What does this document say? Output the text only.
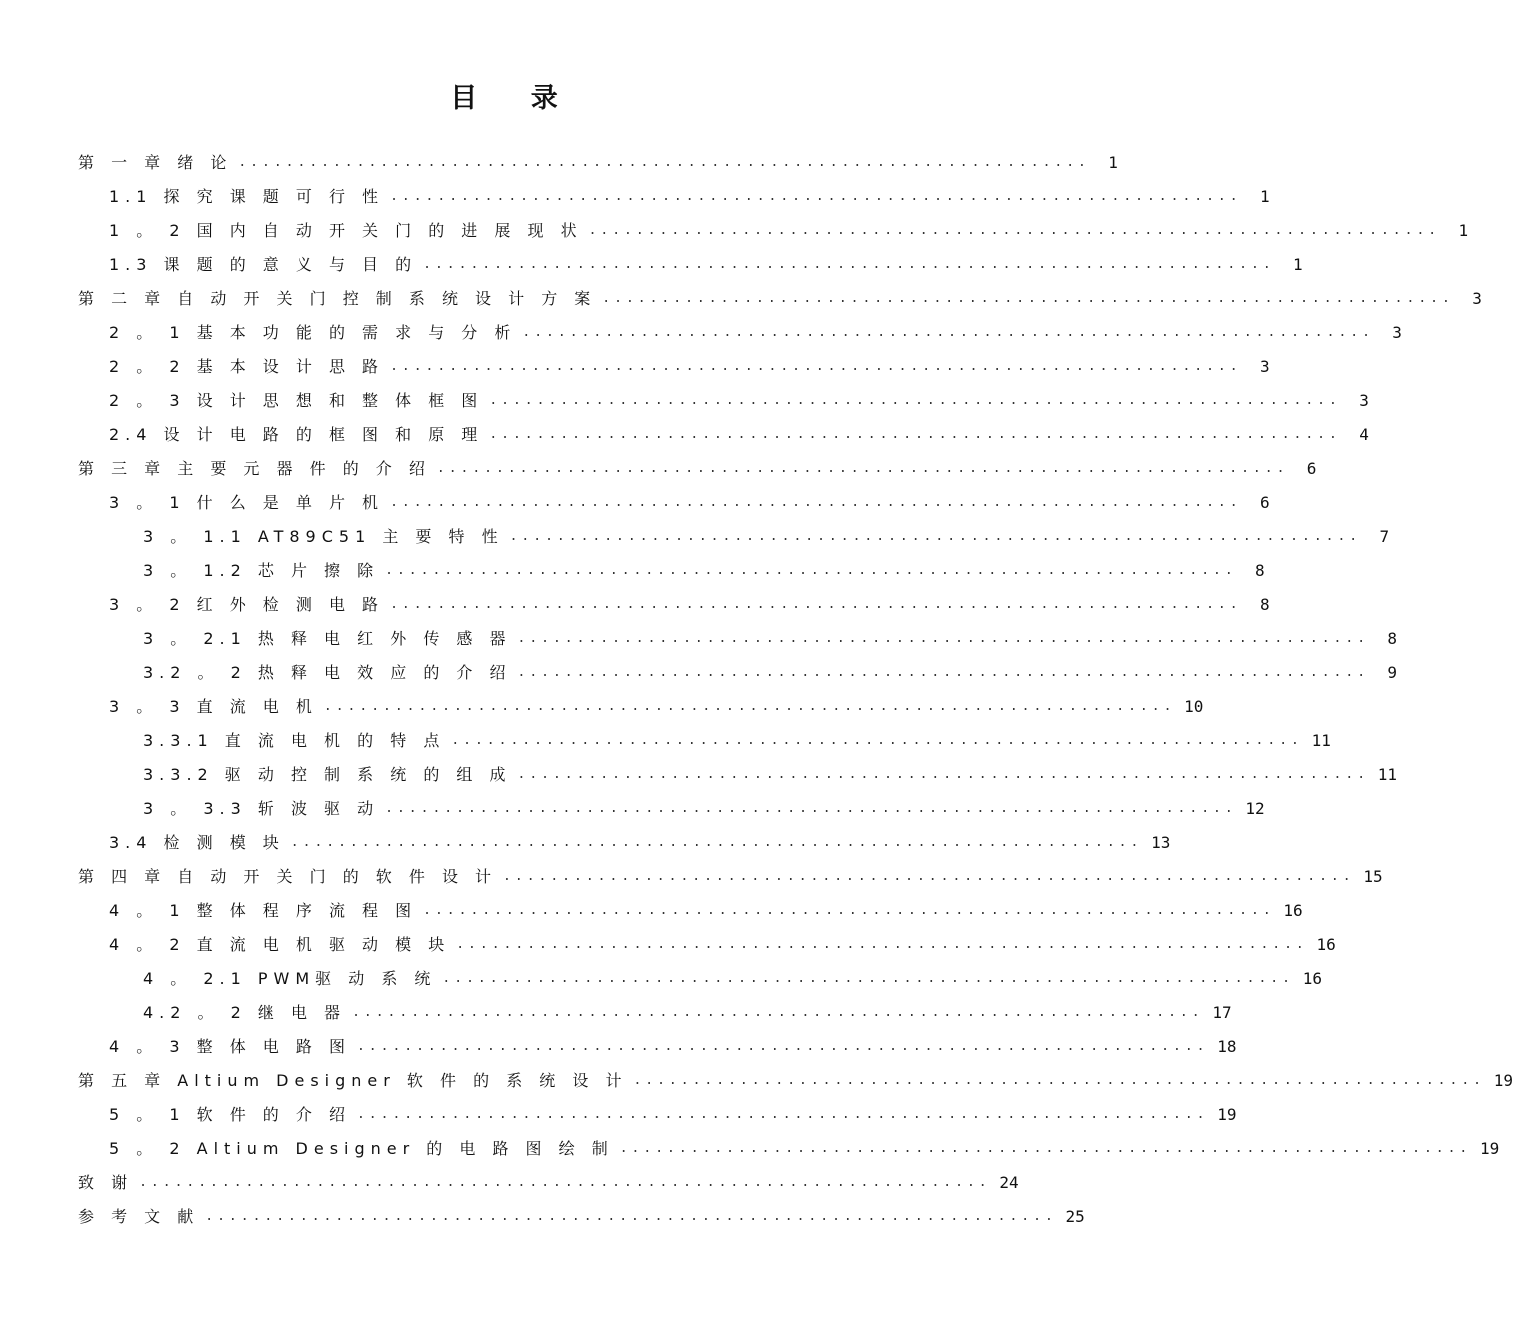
目 录
第 一 章 绪 论 ........................................................................	1
1.1 探 究 课 题 可 行 性 ........................................................................	1
1 。 2 国 内 自 动 开 关 门 的 进 展 现 状 ........................................................................	1
1.3 课 题 的 意 义 与 目 的 ........................................................................	1
第 二 章 自 动 开 关 门 控 制 系 统 设 计 方 案 ........................................................................	3
2 。 1 基 本 功 能 的 需 求 与 分 析 ........................................................................	3
2 。 2 基 本 设 计 思 路 ........................................................................	3
2 。 3 设 计 思 想 和 整 体 框 图 ........................................................................	3
2.4 设 计 电 路 的 框 图 和 原 理 ........................................................................	4
第 三 章 主 要 元 器 件 的 介 绍 ........................................................................	6
3 。 1 什 么 是 单 片 机 ........................................................................	6
3 。 1.1 AT89C51 主 要 特 性 ........................................................................	7
3 。 1.2 芯 片 擦 除 ........................................................................	8
3 。 2 红 外 检 测 电 路 ........................................................................	8
3 。 2.1 热 释 电 红 外 传 感 器 ........................................................................	8
3.2 。 2 热 释 电 效 应 的 介 绍 ........................................................................	9
3 。 3 直 流 电 机 ........................................................................ 10
3.3.1 直 流 电 机 的 特 点 ........................................................................ 11
3.3.2 驱 动 控 制 系 统 的 组 成 ........................................................................ 11
3 。 3.3 斩 波 驱 动 ........................................................................ 12
3.4 检 测 模 块 ........................................................................ 13
第 四 章 自 动 开 关 门 的 软 件 设 计 ........................................................................ 15
4 。 1 整 体 程 序 流 程 图 ........................................................................ 16
4 。 2 直 流 电 机 驱 动 模 块 ........................................................................ 16
4 。 2.1 PWM驱 动 系 统 ........................................................................ 16
4.2 。 2 继 电 器 ........................................................................ 17
4 。 3 整 体 电 路 图 ........................................................................ 18
第 五 章 Altium Designer 软 件 的 系 统 设 计 ........................................................................ 19
5 。 1 软 件 的 介 绍 ........................................................................ 19
5 。 2 Altium Designer 的 电 路 图 绘 制 ........................................................................ 19
致 谢 ........................................................................ 24
参 考 文 献 ........................................................................ 25
